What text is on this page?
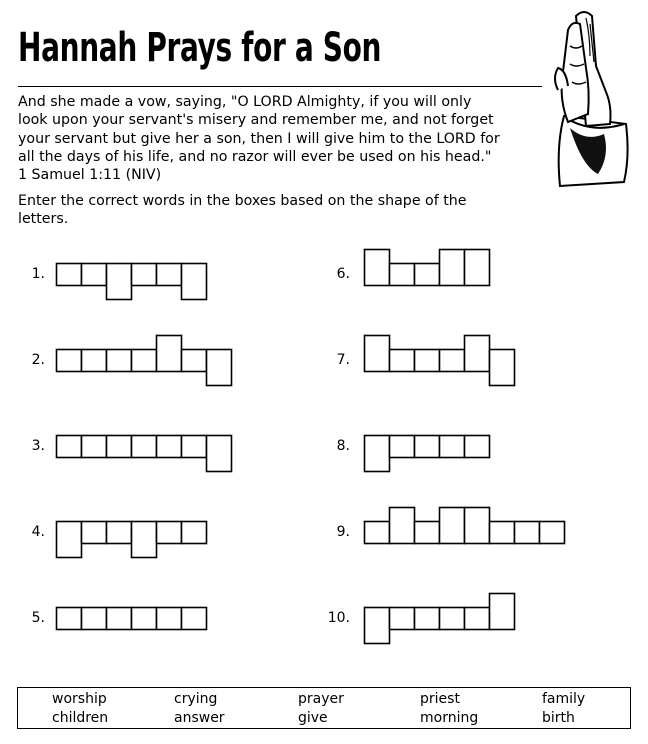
Hannah Prays for a Son

And she made a vow, saying, "O LORD Almighty, if you will only

look upon your servant's misery and remember me, and not forget

your servant but give her a son, then I will give him to the LORD for

all the days of his life, and no razor will ever be used on his head."

1 Samuel 1:11 (NIV)

Enter the correct words in the boxes based on the shape of the letters.

1.
2.
3.
4.
5.
6.
7.
8.
9.
10.
worship	crying	prayer	priest	family
children	answer	give	morning	birth
